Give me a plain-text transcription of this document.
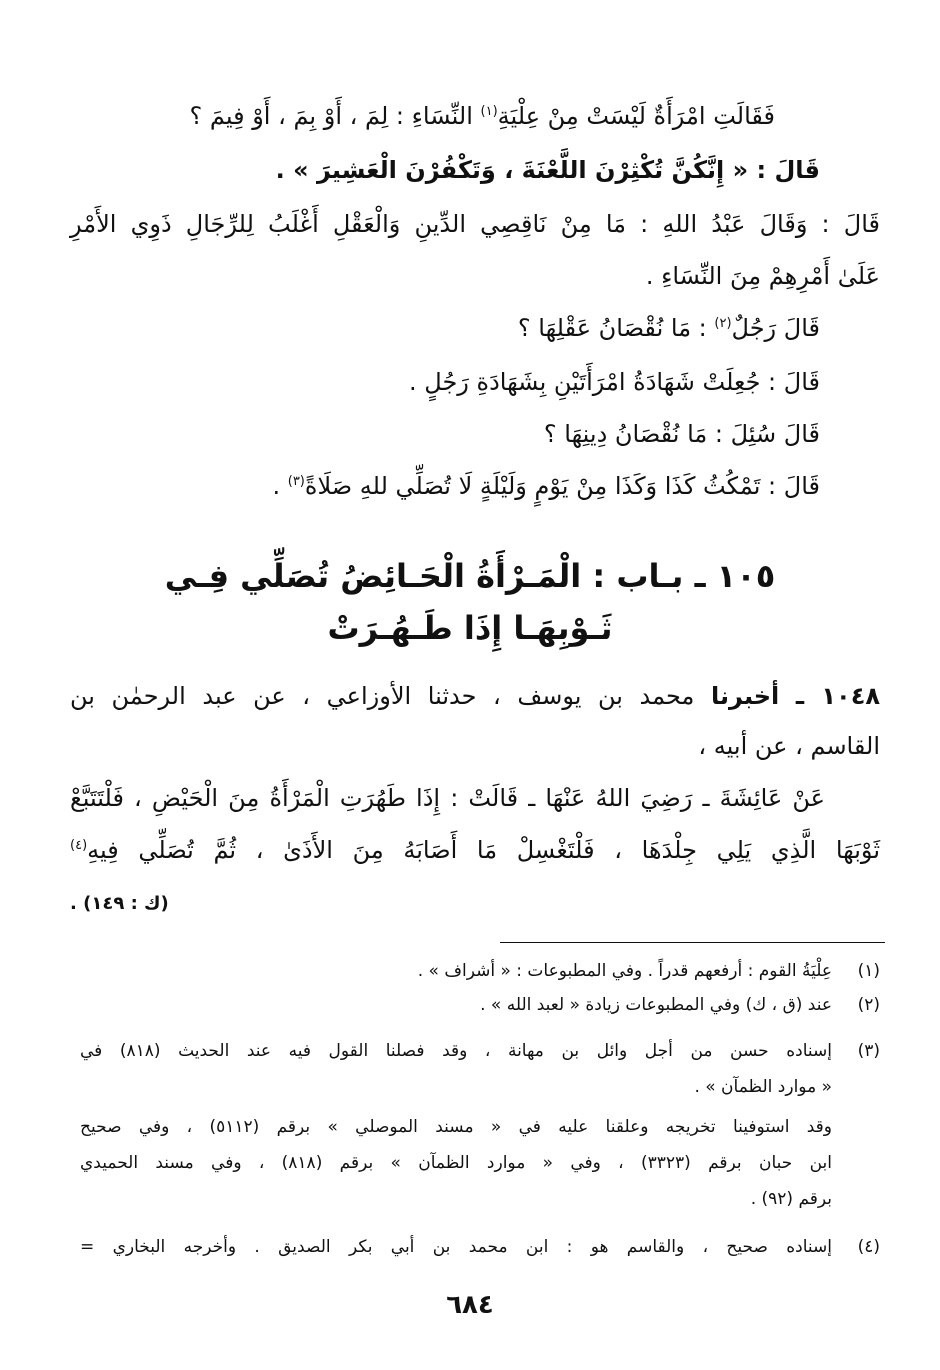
فَقَالَتِ امْرَأَةٌ لَيْسَتْ مِنْ عِلْيَةِ$^{(١)}$ النِّسَاءِ : لِمَ ، أَوْ بِمَ ، أَوْ فِيمَ ؟
قَالَ : « إِنَّكُنَّ تُكْثِرْنَ اللَّعْنَةَ ، وَتَكْفُرْنَ الْعَشِيرَ » .
قَالَ : وَقَالَ عَبْدُ اللهِ : مَا مِنْ نَاقِصِي الدِّينِ وَالْعَقْلِ أَغْلَبُ لِلرِّجَالِ ذَوِي الأَمْرِ
عَلَىٰ أَمْرِهِمْ مِنَ النِّسَاءِ .
قَالَ رَجُلٌ$^{(٢)}$ : مَا نُقْصَانُ عَقْلِهَا ؟
قَالَ : جُعِلَتْ شَهَادَةُ امْرَأَتَيْنِ بِشَهَادَةِ رَجُلٍ .
قَالَ سُئِلَ : مَا نُقْصَانُ دِينِهَا ؟
قَالَ : تَمْكُثُ كَذَا وَكَذَا مِنْ يَوْمٍ وَلَيْلَةٍ لَا تُصَلِّي للهِ صَلَاةً$^{(٣)}$ .
١٠٥ ـ بـاب : الْمَـرْأَةُ الْحَـائِضُ تُصَلِّي فِـي
ثَـوْبِهَـا إِذَا طَـهُـرَتْ
١٠٤٨ ـ أخبرنا محمد بن يوسف ، حدثنا الأوزاعي ، عن عبد الرحمٰن بن
القاسم ، عن أبيه ،
عَنْ عَائِشَةَ ـ رَضِيَ اللهُ عَنْهَا ـ قَالَتْ : إِذَا طَهُرَتِ الْمَرْأَةُ مِنَ الْحَيْضِ ، فَلْتَتَبَّعْ
ثَوْبَهَا الَّذِي يَلِي جِلْدَهَا ، فَلْتَغْسِلْ مَا أَصَابَهُ مِنَ الأَذَىٰ ، ثُمَّ تُصَلِّي فِيهِ$^{(٤)}$
(ك : ١٤٩) .
(١)
عِلْيَةُ القوم : أرفعهم قدراً . وفي المطبوعات : « أشراف » .
(٢)
عند (ق ، ك) وفي المطبوعات زيادة « لعبد الله » .
(٣)
إسناده حسن من أجل وائل بن مهانة ، وقد فصلنا القول فيه عند الحديث (٨١٨) في
« موارد الظمآن » .
وقد استوفينا تخريجه وعلقنا عليه في « مسند الموصلي » برقم (٥١١٢) ، وفي صحيح
ابن حبان برقم (٣٣٢٣) ، وفي « موارد الظمآن » برقم (٨١٨) ، وفي مسند الحميدي
برقم (٩٢) .
(٤)
إسناده صحيح ، والقاسم هو : ابن محمد بن أبي بكر الصديق . وأخرجه البخاري =
٦٨٤
